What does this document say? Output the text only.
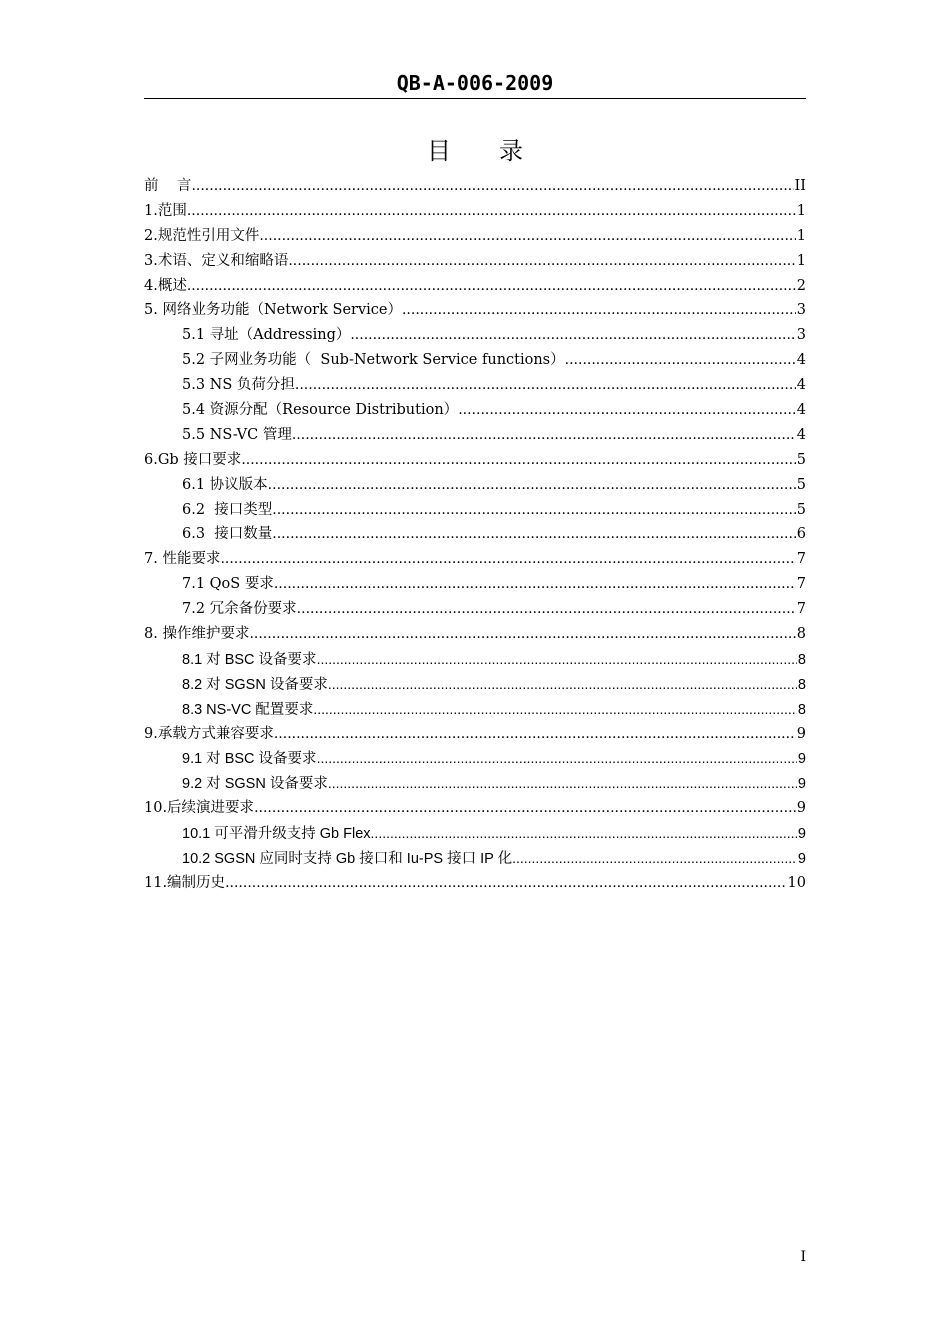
QB-A-006-2009
目录
前    言 .....	II
1.范围 .....	1
2.规范性引用文件 .....	1
3.术语、定义和缩略语 .....	1
4.概述 .....	2
5. 网络业务功能（Network Service） .....	3
5.1 寻址（Addressing） .....	3
5.2 子网业务功能（  Sub-Network Service functions） .....	4
5.3 NS 负荷分担 .....	4
5.4 资源分配（Resource Distribution） .....	4
5.5 NS-VC 管理 .....	4
6.Gb 接口要求 .....	5
6.1 协议版本 .....	5
6.2  接口类型 .....	5
6.3  接口数量 .....	6
7. 性能要求 .....	7
7.1 QoS 要求 .....	7
7.2 冗余备份要求 .....	7
8. 操作维护要求 .....	8
8.1 对 BSC 设备要求 .....	8
8.2 对 SGSN 设备要求 .....	8
8.3 NS-VC 配置要求 .....	8
9.承载方式兼容要求 .....	9
9.1 对 BSC 设备要求 .....	9
9.2 对 SGSN 设备要求 .....	9
10.后续演进要求 .....	9
10.1 可平滑升级支持 Gb Flex .....	9
10.2 SGSN 应同时支持 Gb 接口和 Iu-PS 接口 IP 化 .....	9
11.编制历史 .....	10
I
